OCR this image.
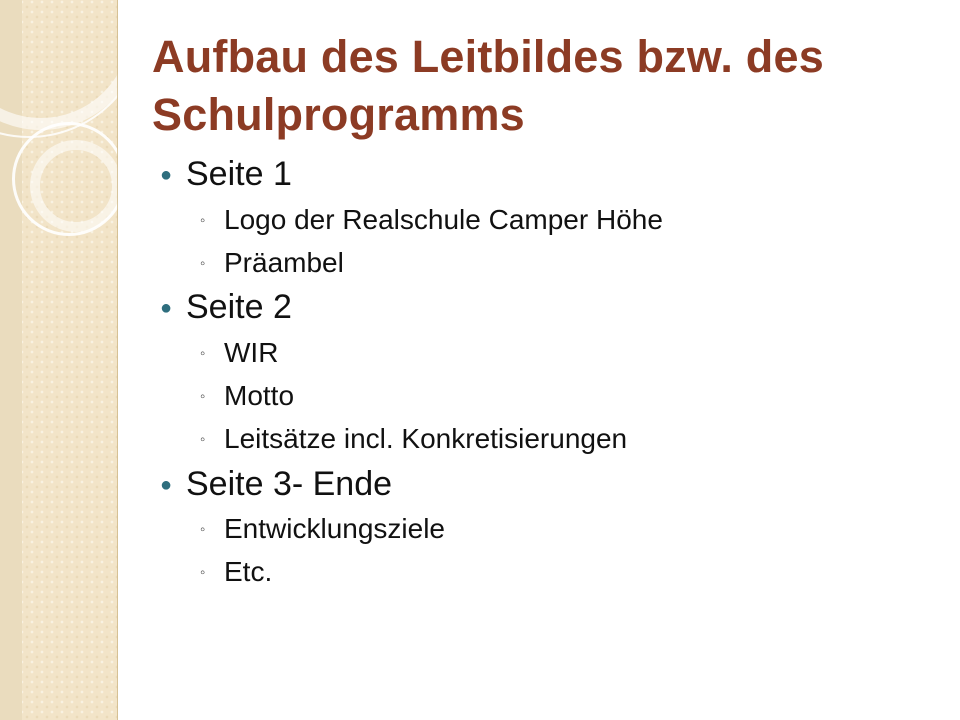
Aufbau des Leitbildes bzw. des Schulprogramms
● Seite 1
◦ Logo der Realschule Camper Höhe
◦ Präambel
● Seite 2
◦ WIR
◦ Motto
◦ Leitsätze incl. Konkretisierungen
● Seite 3- Ende
◦ Entwicklungsziele
◦ Etc.
